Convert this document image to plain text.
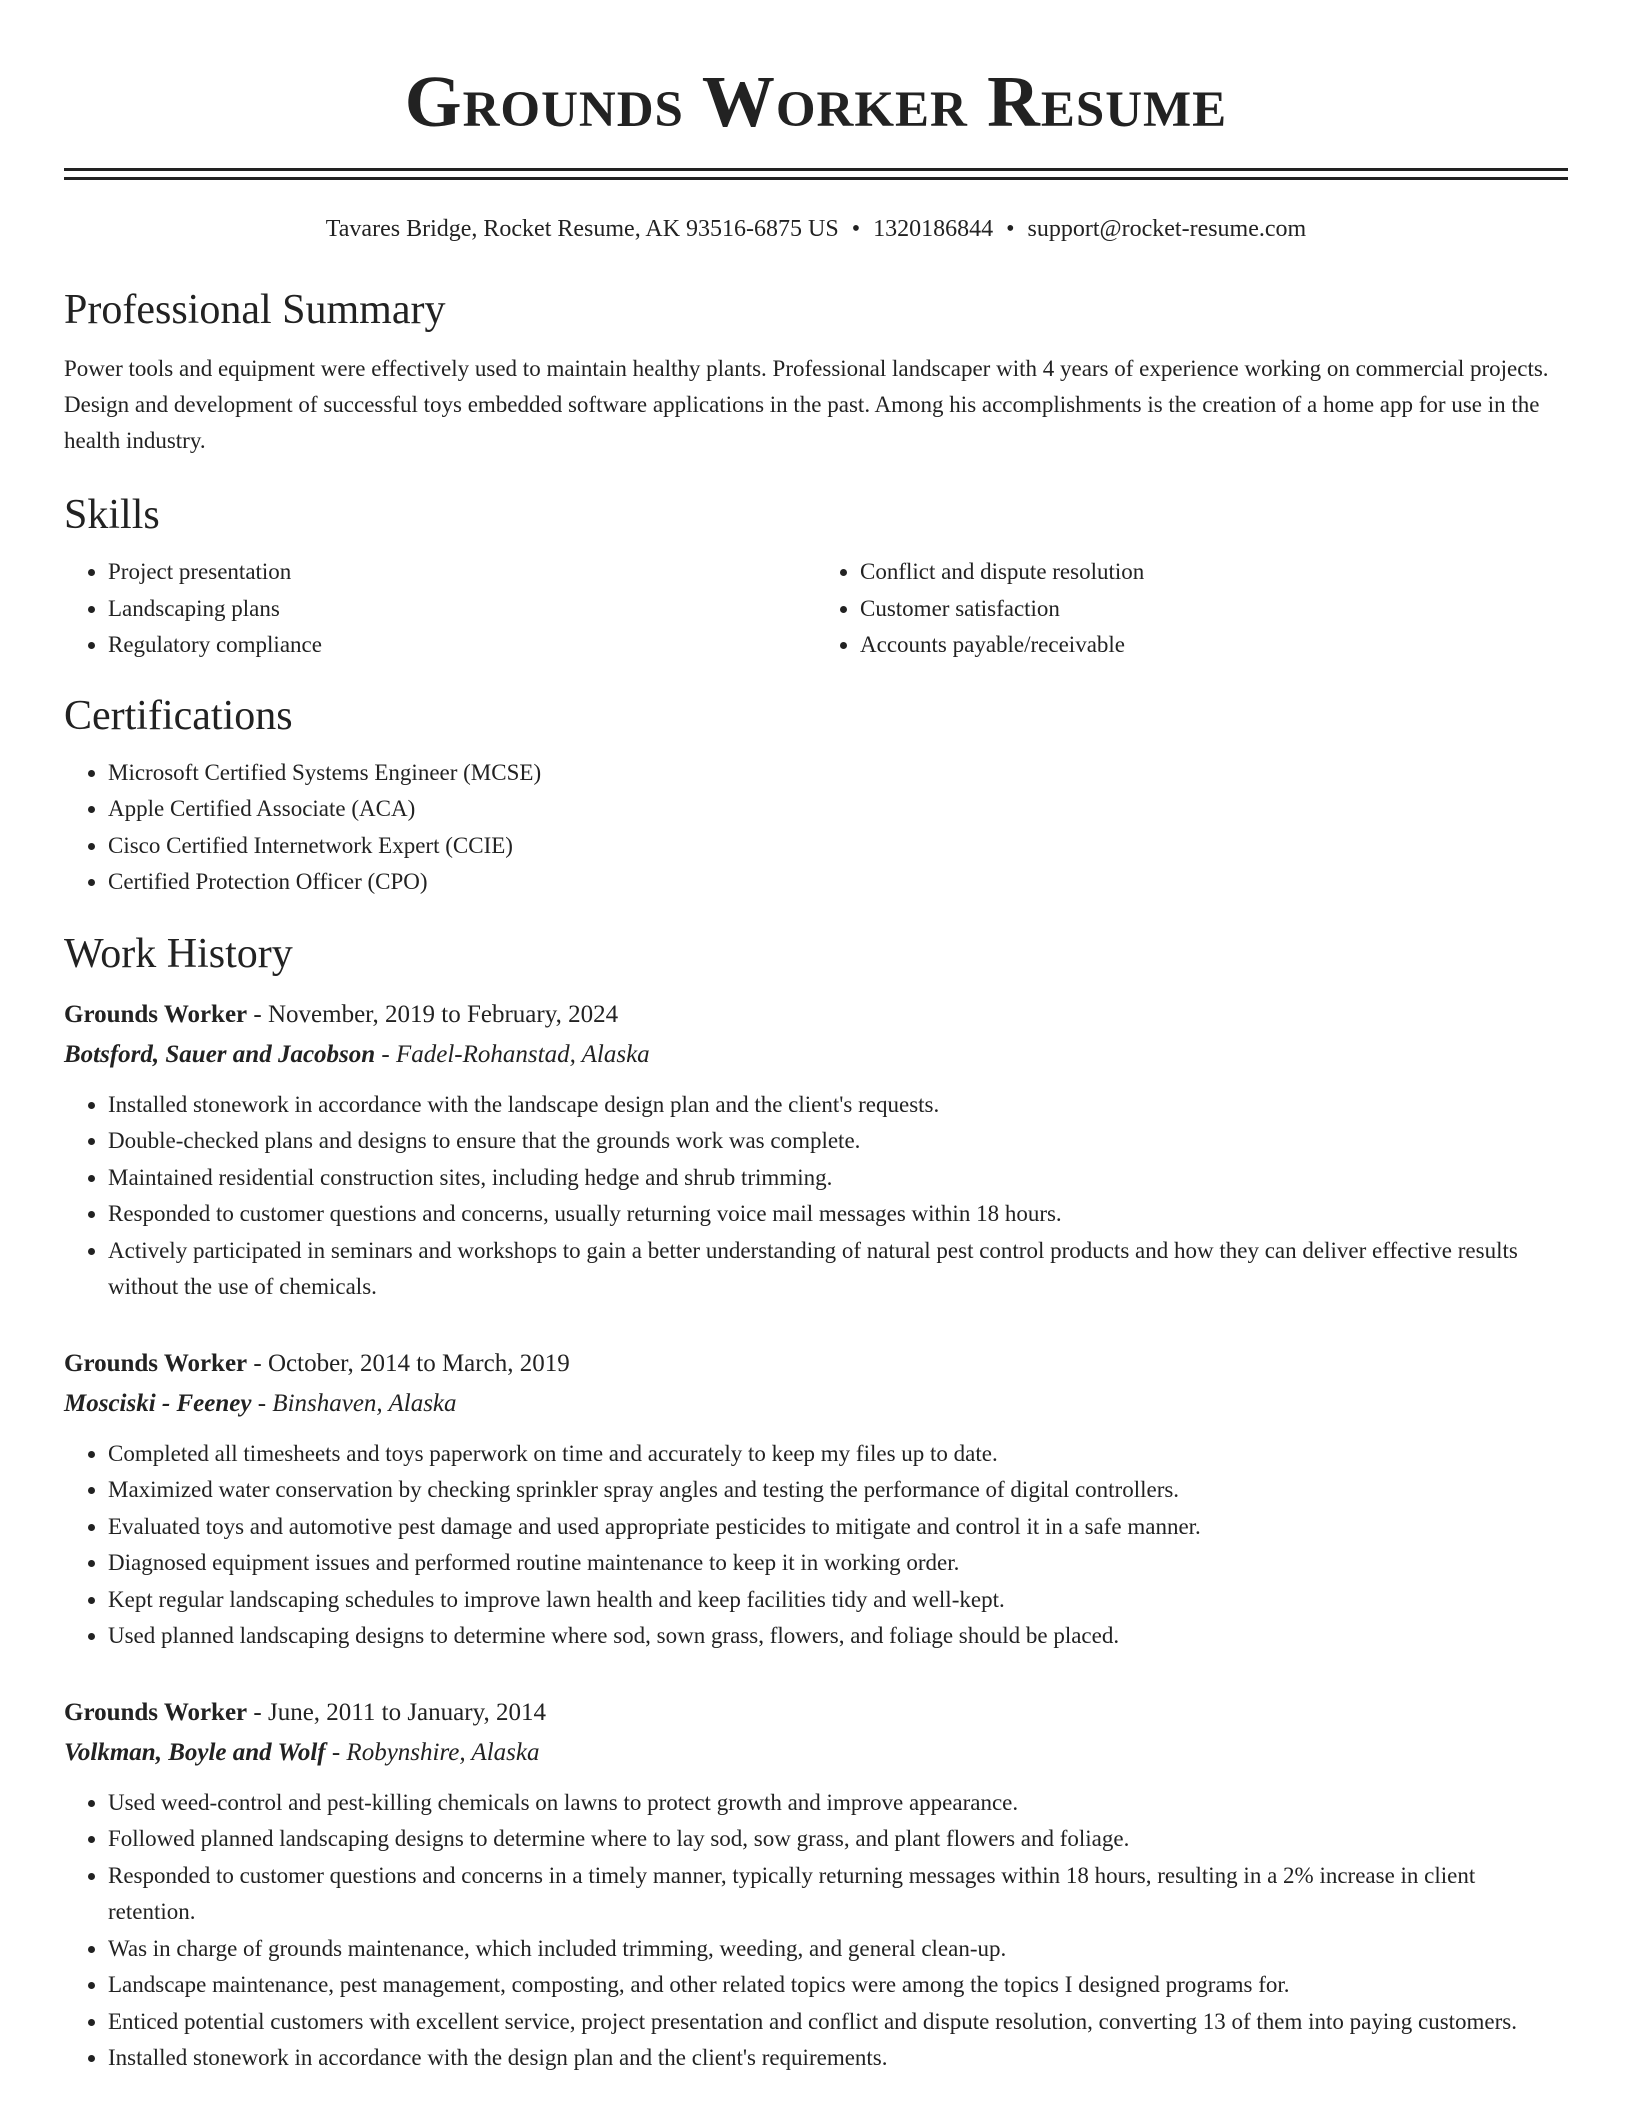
Grounds Worker Resume
Tavares Bridge, Rocket Resume, AK 93516-6875 US • 1320186844 • support@rocket-resume.com
Professional Summary

Power tools and equipment were effectively used to maintain healthy plants. Professional landscaper with 4 years of experience working on commercial projects. Design and development of successful toys embedded software applications in the past. Among his accomplishments is the creation of a home app for use in the health industry.

Skills
• Project presentation
• Landscaping plans
• Regulatory compliance
• Conflict and dispute resolution
• Customer satisfaction
• Accounts payable/receivable
Certifications
• Microsoft Certified Systems Engineer (MCSE)
• Apple Certified Associate (ACA)
• Cisco Certified Internetwork Expert (CCIE)
• Certified Protection Officer (CPO)
Work History
Grounds Worker - November, 2019 to February, 2024
Botsford, Sauer and Jacobson - Fadel-Rohanstad, Alaska
• Installed stonework in accordance with the landscape design plan and the client's requests.
• Double-checked plans and designs to ensure that the grounds work was complete.
• Maintained residential construction sites, including hedge and shrub trimming.
• Responded to customer questions and concerns, usually returning voice mail messages within 18 hours.
• Actively participated in seminars and workshops to gain a better understanding of natural pest control products and how they can deliver effective results without the use of chemicals.
Grounds Worker - October, 2014 to March, 2019
Mosciski - Feeney - Binshaven, Alaska
• Completed all timesheets and toys paperwork on time and accurately to keep my files up to date.
• Maximized water conservation by checking sprinkler spray angles and testing the performance of digital controllers.
• Evaluated toys and automotive pest damage and used appropriate pesticides to mitigate and control it in a safe manner.
• Diagnosed equipment issues and performed routine maintenance to keep it in working order.
• Kept regular landscaping schedules to improve lawn health and keep facilities tidy and well-kept.
• Used planned landscaping designs to determine where sod, sown grass, flowers, and foliage should be placed.
Grounds Worker - June, 2011 to January, 2014
Volkman, Boyle and Wolf - Robynshire, Alaska
• Used weed-control and pest-killing chemicals on lawns to protect growth and improve appearance.
• Followed planned landscaping designs to determine where to lay sod, sow grass, and plant flowers and foliage.
• Responded to customer questions and concerns in a timely manner, typically returning messages within 18 hours, resulting in a 2% increase in client retention.
• Was in charge of grounds maintenance, which included trimming, weeding, and general clean-up.
• Landscape maintenance, pest management, composting, and other related topics were among the topics I designed programs for.
• Enticed potential customers with excellent service, project presentation and conflict and dispute resolution, converting 13 of them into paying customers.
• Installed stonework in accordance with the design plan and the client's requirements.
